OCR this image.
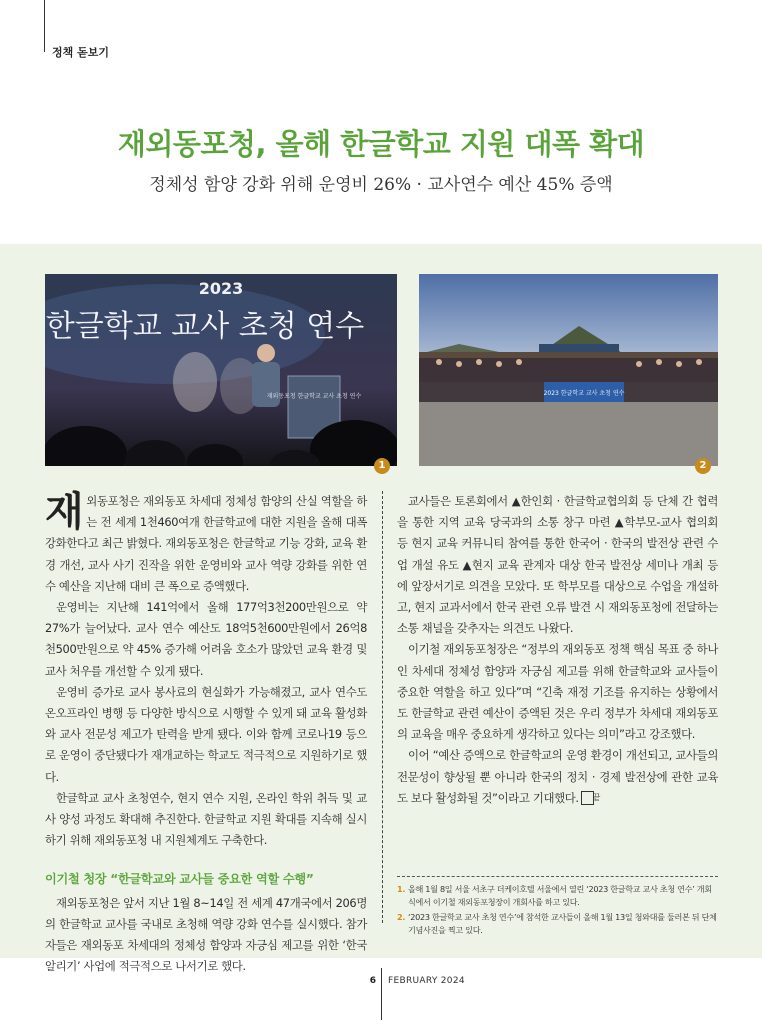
정책 돋보기
재외동포청, 올해 한글학교 지원 대폭 확대
정체성 함양 강화 위해 운영비 26% · 교사연수 예산 45% 증액
2023
한글학교 교사 초청 연수
재외동포청 한글학교 교사 초청 연수	2023 한글학교 교사 초청 연수
1	2

재외동포청은 재외동포 차세대 정체성 함양의 산실 역할을 하는 전 세계 1천460여개 한글학교에 대한 지원을 올해 대폭 강화한다고 최근 밝혔다. 재외동포청은 한글학교 기능 강화, 교육 환경 개선, 교사 사기 진작을 위한 운영비와 교사 역량 강화를 위한 연수 예산을 지난해 대비 큰 폭으로 증액했다.

운영비는 지난해 141억에서 올해 177억3천200만원으로 약 27%가 늘어났다. 교사 연수 예산도 18억5천600만원에서 26억8천500만원으로 약 45% 증가해 어려움 호소가 많았던 교육 환경 및 교사 처우를 개선할 수 있게 됐다.

운영비 증가로 교사 봉사료의 현실화가 가능해졌고, 교사 연수도 온오프라인 병행 등 다양한 방식으로 시행할 수 있게 돼 교육 활성화와 교사 전문성 제고가 탄력을 받게 됐다. 이와 함께 코로나19 등으로 운영이 중단됐다가 재개교하는 학교도 적극적으로 지원하기로 했다.

한글학교 교사 초청연수, 현지 연수 지원, 온라인 학위 취득 및 교사 양성 과정도 확대해 추진한다. 한글학교 지원 확대를 지속해 실시하기 위해 재외동포청 내 지원체계도 구축한다.

이기철 청장 “한글학교와 교사들 중요한 역할 수행”

재외동포청은 앞서 지난 1월 8~14일 전 세계 47개국에서 206명의 한글학교 교사를 국내로 초청해 역량 강화 연수를 실시했다. 참가자들은 재외동포 차세대의 정체성 함양과 자긍심 제고를 위한 ‘한국 알리기’ 사업에 적극적으로 나서기로 했다.

교사들은 토론회에서 ▲한인회 · 한글학교협의회 등 단체 간 협력을 통한 지역 교육 당국과의 소통 창구 마련 ▲학부모-교사 협의회 등 현지 교육 커뮤니티 참여를 통한 한국어 · 한국의 발전상 관련 수업 개설 유도 ▲현지 교육 관계자 대상 한국 발전상 세미나 개최 등에 앞장서기로 의견을 모았다. 또 학부모를 대상으로 수업을 개설하고, 현지 교과서에서 한국 관련 오류 발견 시 재외동포청에 전달하는 소통 채널을 갖추자는 의견도 나왔다.

이기철 재외동포청장은 “정부의 재외동포 정책 핵심 목표 중 하나인 차세대 정체성 함양과 자긍심 제고를 위해 한글학교와 교사들이 중요한 역할을 하고 있다”며 “긴축 재정 기조를 유지하는 상황에서도 한글학교 관련 예산이 증액된 것은 우리 정부가 차세대 재외동포의 교육을 매우 중요하게 생각하고 있다는 의미”라고 강조했다.

이어 “예산 증액으로 한글학교의 운영 환경이 개선되고, 교사들의 전문성이 향상될 뿐 아니라 한국의 정치 · 경제 발전상에 관한 교육도 보다 활성화될 것”이라고 기대했다. 끝

1. 올해 1월 8일 서울 서초구 더케이호텔 서울에서 열린 ‘2023 한글학교 교사 초청 연수’ 개회식에서 이기철 재외동포청장이 개회사를 하고 있다.
2. ‘2023 한글학교 교사 초청 연수’에 참석한 교사들이 올해 1월 13일 청와대를 둘러본 뒤 단체 기념사진을 찍고 있다.
6 FEBRUARY 2024
